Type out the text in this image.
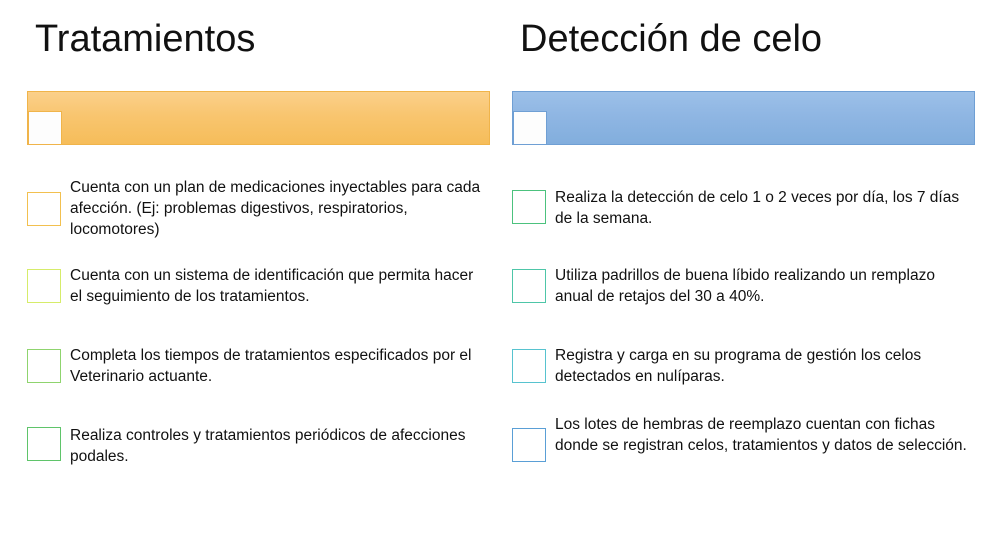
Tratamientos
Cuenta con un plan de medicaciones inyectables para cada afección. (Ej: problemas digestivos, respiratorios, locomotores)
Cuenta con un sistema de identificación que permita hacer el seguimiento de los tratamientos.
Completa los tiempos de tratamientos especificados por el Veterinario actuante.
Realiza controles y tratamientos periódicos de afecciones podales.
Detección de celo
Realiza la detección de celo 1 o 2 veces por día, los 7 días de la semana.
Utiliza padrillos de buena líbido realizando un remplazo anual de retajos del 30 a 40%.
Registra y carga en su programa de gestión los celos detectados en nulíparas.
Los lotes de hembras de reemplazo cuentan con fichas donde se registran celos, tratamientos y datos de selección.
